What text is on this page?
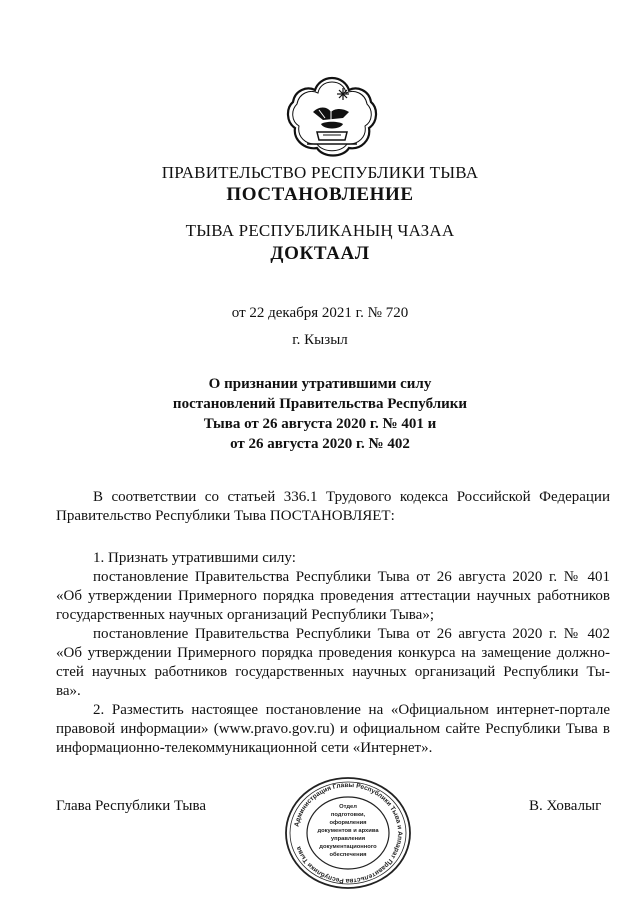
ПРАВИТЕЛЬСТВО РЕСПУБЛИКИ ТЫВА
ПОСТАНОВЛЕНИЕ
ТЫВА РЕСПУБЛИКАНЫҢ ЧАЗАА
ДОКТААЛ
от 22 декабря 2021 г. № 720
г. Кызыл
О признании утратившими силу
постановлений Правительства Республики
Тыва от 26 августа 2020 г. № 401 и
от 26 августа 2020 г. № 402
В соответствии со статьей 336.1 Трудового кодекса Российской Федерации
Правительство Республики Тыва ПОСТАНОВЛЯЕТ:
1. Признать утратившими силу:
постановление Правительства Республики Тыва от 26 августа 2020 г. № 401
«Об утверждении Примерного порядка проведения аттестации научных работников
государственных научных организаций Республики Тыва»;
постановление Правительства Республики Тыва от 26 августа 2020 г. № 402
«Об утверждении Примерного порядка проведения конкурса на замещение должно-
стей научных работников государственных научных организаций Республики Ты-
ва».
2. Разместить настоящее постановление на «Официальном интернет-портале
правовой информации» (www.pravo.gov.ru) и официальном сайте Республики Тыва в
информационно-телекоммуникационной сети «Интернет».
Глава Республики Тыва	В. Ховалыг
Администрация Главы Республики Тыва и Аппарат Правительства Республики Тыва
Отдел
подготовки,
оформления
документов и архива
управления
документационного
обеспечения
